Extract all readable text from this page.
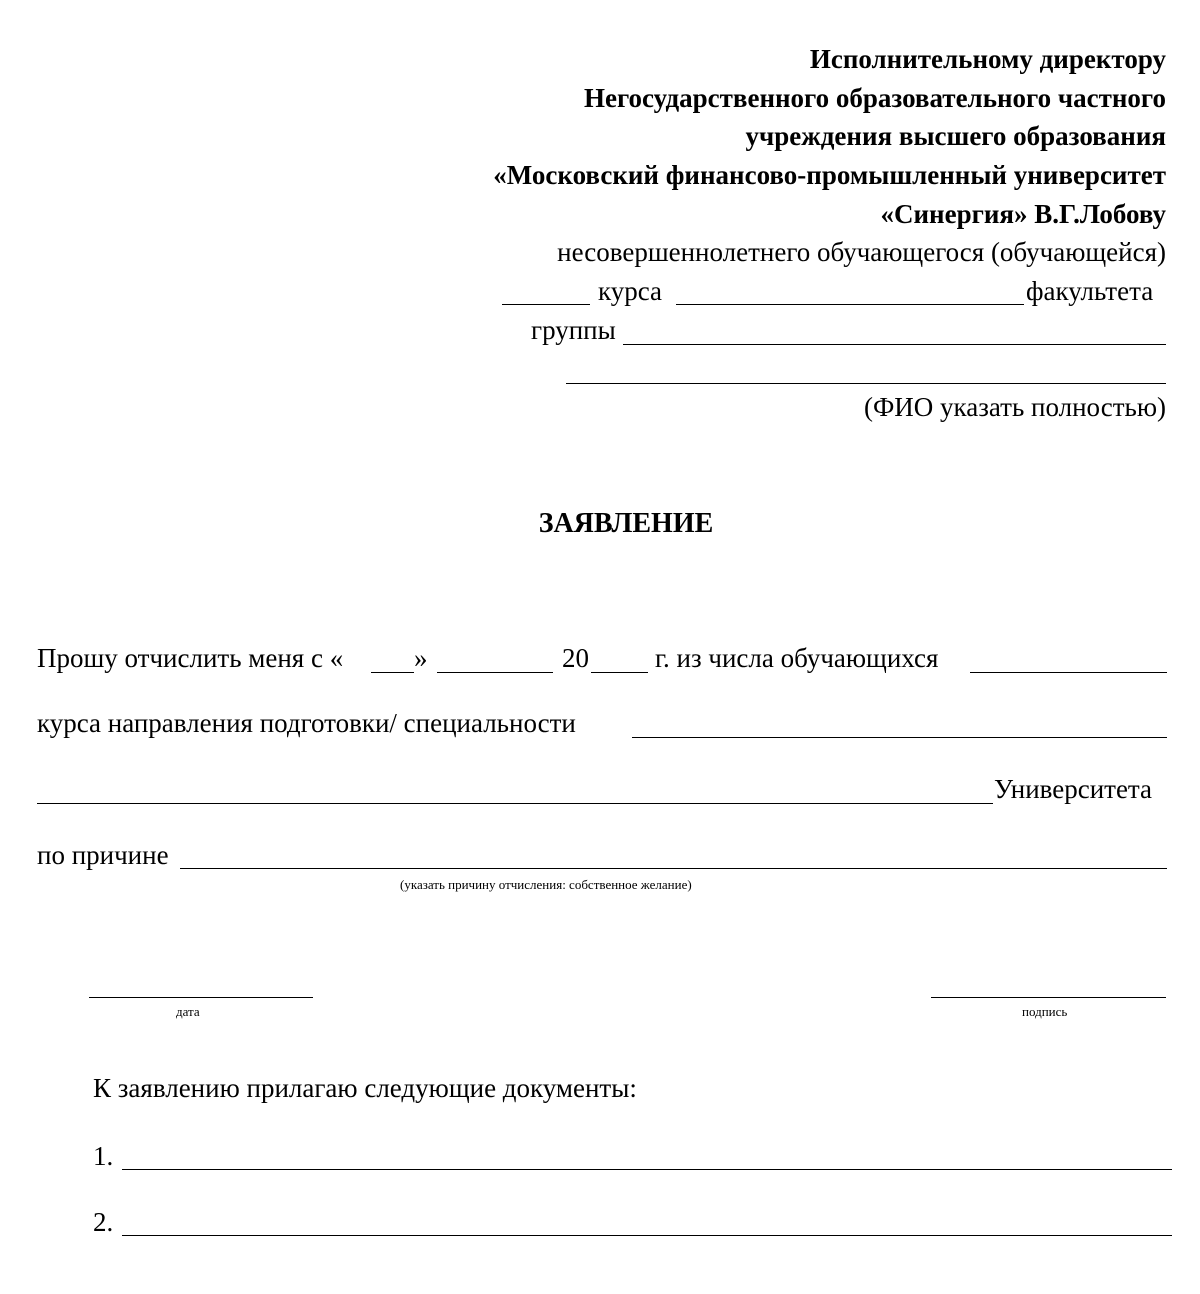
Исполнительному директору
Негосударственного образовательного частного
учреждения высшего образования
«Московский финансово-промышленный университет
«Синергия» В.Г.Лобову
несовершеннолетнего обучающегося (обучающейся)
курса	факультета
группы
(ФИО указать полностью)
ЗАЯВЛЕНИЕ
Прошу отчислить меня с «	»	20 г. из числа обучающихся
курса направления подготовки/ специальности
Университета
по причине
(указать причину отчисления: собственное желание)
дата	подпись
К заявлению прилагаю следующие документы:
1.
2.
